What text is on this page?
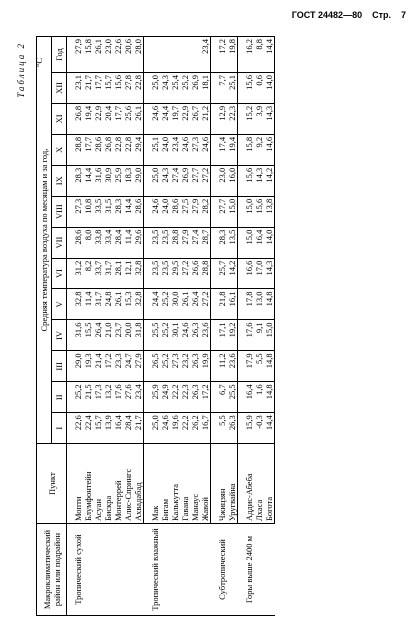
ГОСТ 24482—80 Стр. 7
Таблица 2 °С
Макроклиматический район или подрайон	Пункт	Средняя температура воздуха по месяцам и за год,												
		I	II	III	IV	V	VI	VII	VIII	IX	X	XI	XII	Год

Тропический сухой	Мопти	22,6	25,2	29,0	31,6	32,8	31,2	28,6	27,3	28,3	28,8	26,8	23,1	27,9
	Блумфонтейн	22,4	21,5	19,3	15,5	11,4	8,2	8,0	10,8	14,4	17,7	19,4	21,7	15,8
	Асуан	15,7	17,3	21,4	26,4	31,7	33,7	33,8	33,5	31,6	28,6	22,9	17,7	26,1
	Бискра	13,9	13,2	17,2	21,0	24,8	31,7	33,4	31,5	30,9	26,8	20,4	15,7	23,0
	Монтеррей	16,4	17,6	23,3	23,7	26,1	28,1	28,4	28,3	25,9	22,8	17,7	15,6	22,6
	Алис-Спрингс	28,4	27,6	24,7	20,0	15,3	12,1	11,4	14,4	18,3	22,8	25,6	27,8	20,6
	Ахвадабад	21,7	23,4	27,9	31,8	32,8	32,8	29,6	28,6	29,0	29,4	26,1	22,8	28,0

Тропический влажный	Мак	25,0	25,9	26,5	25,5	24,4	23,5	23,5	24,6	25,0	25,1	24,6	25,0	
	Бигам	24,6	24,9	25,2	25,2	25,2	23,5	23,5	24,0	24,3	24,0	24,4	24,3	
	Калькутта	19,6	22,2	27,3	30,1	30,0	29,5	28,8	28,6	27,4	23,4	19,7	25,4	
	Гавана	22,2	22,3	23,2	24,6	26,1	27,2	27,9	27,5	26,9	24,6	22,9	25,2	
	Манаус	26,2	26,3	26,3	26,3	26,4	26,6	27,4	27,9	27,7	27,3	26,7	26,9	
	Жавой	16,7	17,2	19,9	23,6	27,2	28,8	28,7	28,2	27,2	24,6	21,2	18,1	23,4

Субтропический	Чжицзян	5,5	6,7	11,2	17,1	21,8	25,7	28,3	27,7	23,0	17,4	12,9	7,7	17,2
	Уругвайна	26,3	25,5	23,6	19,2	16,1	14,2	13,5	15,0	16,0	19,4	22,3	25,1	19,8

Горы выше 2400 м	Аддис-Абеба	15,9	16,4	17,9	17,6	17,8	16,6	15,0	15,0	15,6	15,8	15,2	15,6	16,2
	Лхаса	-0,3	1,6	5,5	9,1	13,0	17,0	16,4	15,6	14,3	9,2	3,9	0,6	8,8
	Богота	14,4	14,8	14,8	15,0	14,8	14,3	14,0	13,8	14,2	14,6	14,3	14,0	14,4
